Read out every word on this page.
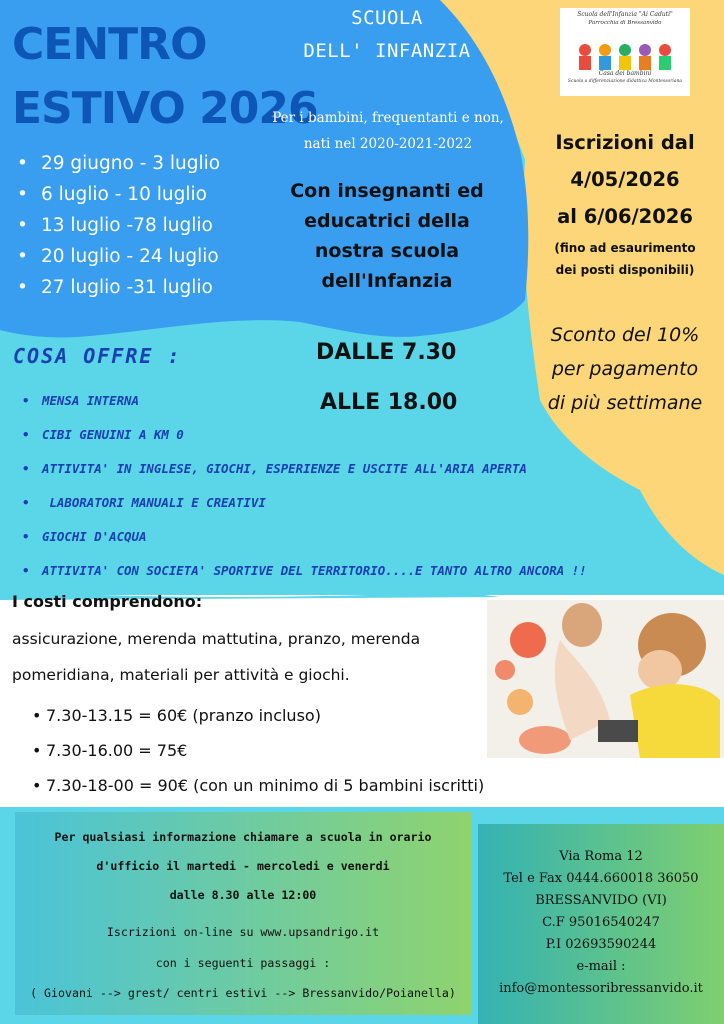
Scuola dell'Infanzia "Ai Caduti"
Parrocchia di Bressanvido
Casa dei bambini
Scuola a differenziazione didattica Montessoriana
CENTRO
ESTIVO 2026
SCUOLA
DELL' INFANZIA
Per i bambini, frequentanti e non,
nati nel 2020-2021-2022
• 29 giugno - 3 luglio
• 6 luglio - 10 luglio
• 13 luglio -78 luglio
• 20 luglio - 24 luglio
• 27 luglio -31 luglio
Con insegnanti ed
educatrici della
nostra scuola
dell'Infanzia
Iscrizioni dal
4/05/2026
al 6/06/2026
(fino ad esaurimento
dei posti disponibili)
Sconto del 10%
per pagamento
di più settimane
COSA OFFRE :	DALLE 7.30
ALLE 18.00
• MENSA INTERNA
• CIBI GENUINI A KM 0
• ATTIVITA' IN INGLESE, GIOCHI, ESPERIENZE E USCITE ALL'ARIA APERTA
• LABORATORI MANUALI E CREATIVI
• GIOCHI D'ACQUA
• ATTIVITA' CON SOCIETA' SPORTIVE DEL TERRITORIO....E TANTO ALTRO ANCORA !!
I costi comprendono:
assicurazione, merenda mattutina, pranzo, merenda
pomeridiana, materiali per attività e giochi.
• 7.30-13.15 = 60€ (pranzo incluso)
• 7.30-16.00 = 75€
• 7.30-18-00 = 90€ (con un minimo di 5 bambini iscritti)
Per qualsiasi informazione chiamare a scuola in orario
d'ufficio il martedi - mercoledi e venerdi
dalle 8.30 alle 12:00
Iscrizioni on-line su www.upsandrigo.it
con i seguenti passaggi :
( Giovani --> grest/ centri estivi --> Bressanvido/Poianella)
Via Roma 12
Tel e Fax 0444.660018 36050
BRESSANVIDO (VI)
C.F 95016540247
P.I 02693590244
e-mail :
info@montessoribressanvido.it
